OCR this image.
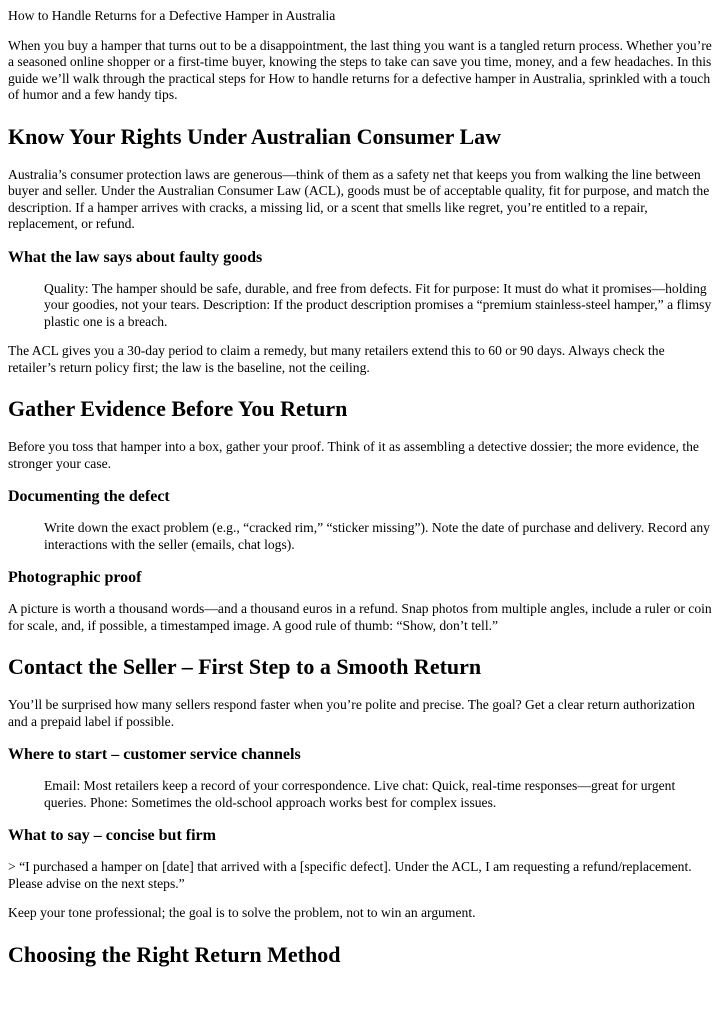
How to Handle Returns for a Defective Hamper in Australia

When you buy a hamper that turns out to be a disappointment, the last thing you want is a tangled return process. Whether you’re a seasoned online shopper or a first-time buyer, knowing the steps to take can save you time, money, and a few headaches. In this guide we’ll walk through the practical steps for How to handle returns for a defective hamper in Australia, sprinkled with a touch of humor and a few handy tips.

Know Your Rights Under Australian Consumer Law

Australia’s consumer protection laws are generous—think of them as a safety net that keeps you from walking the line between buyer and seller. Under the Australian Consumer Law (ACL), goods must be of acceptable quality, fit for purpose, and match the description. If a hamper arrives with cracks, a missing lid, or a scent that smells like regret, you’re entitled to a repair, replacement, or refund.

What the law says about faulty goods
Quality: The hamper should be safe, durable, and free from defects. Fit for purpose: It must do what it promises—holding your goodies, not your tears. Description: If the product description promises a “premium stainless-steel hamper,” a flimsy plastic one is a breach.

The ACL gives you a 30-day period to claim a remedy, but many retailers extend this to 60 or 90 days. Always check the retailer’s return policy first; the law is the baseline, not the ceiling.

Gather Evidence Before You Return

Before you toss that hamper into a box, gather your proof. Think of it as assembling a detective dossier; the more evidence, the stronger your case.

Documenting the defect
Write down the exact problem (e.g., “cracked rim,” “sticker missing”). Note the date of purchase and delivery. Record any interactions with the seller (emails, chat logs).
Photographic proof

A picture is worth a thousand words—and a thousand euros in a refund. Snap photos from multiple angles, include a ruler or coin for scale, and, if possible, a timestamped image. A good rule of thumb: “Show, don’t tell.”

Contact the Seller – First Step to a Smooth Return

You’ll be surprised how many sellers respond faster when you’re polite and precise. The goal? Get a clear return authorization and a prepaid label if possible.

Where to start – customer service channels
Email: Most retailers keep a record of your correspondence. Live chat: Quick, real-time responses—great for urgent queries. Phone: Sometimes the old-school approach works best for complex issues.
What to say – concise but firm

> “I purchased a hamper on [date] that arrived with a [specific defect]. Under the ACL, I am requesting a refund/replacement. Please advise on the next steps.”

Keep your tone professional; the goal is to solve the problem, not to win an argument.

Choosing the Right Return Method
